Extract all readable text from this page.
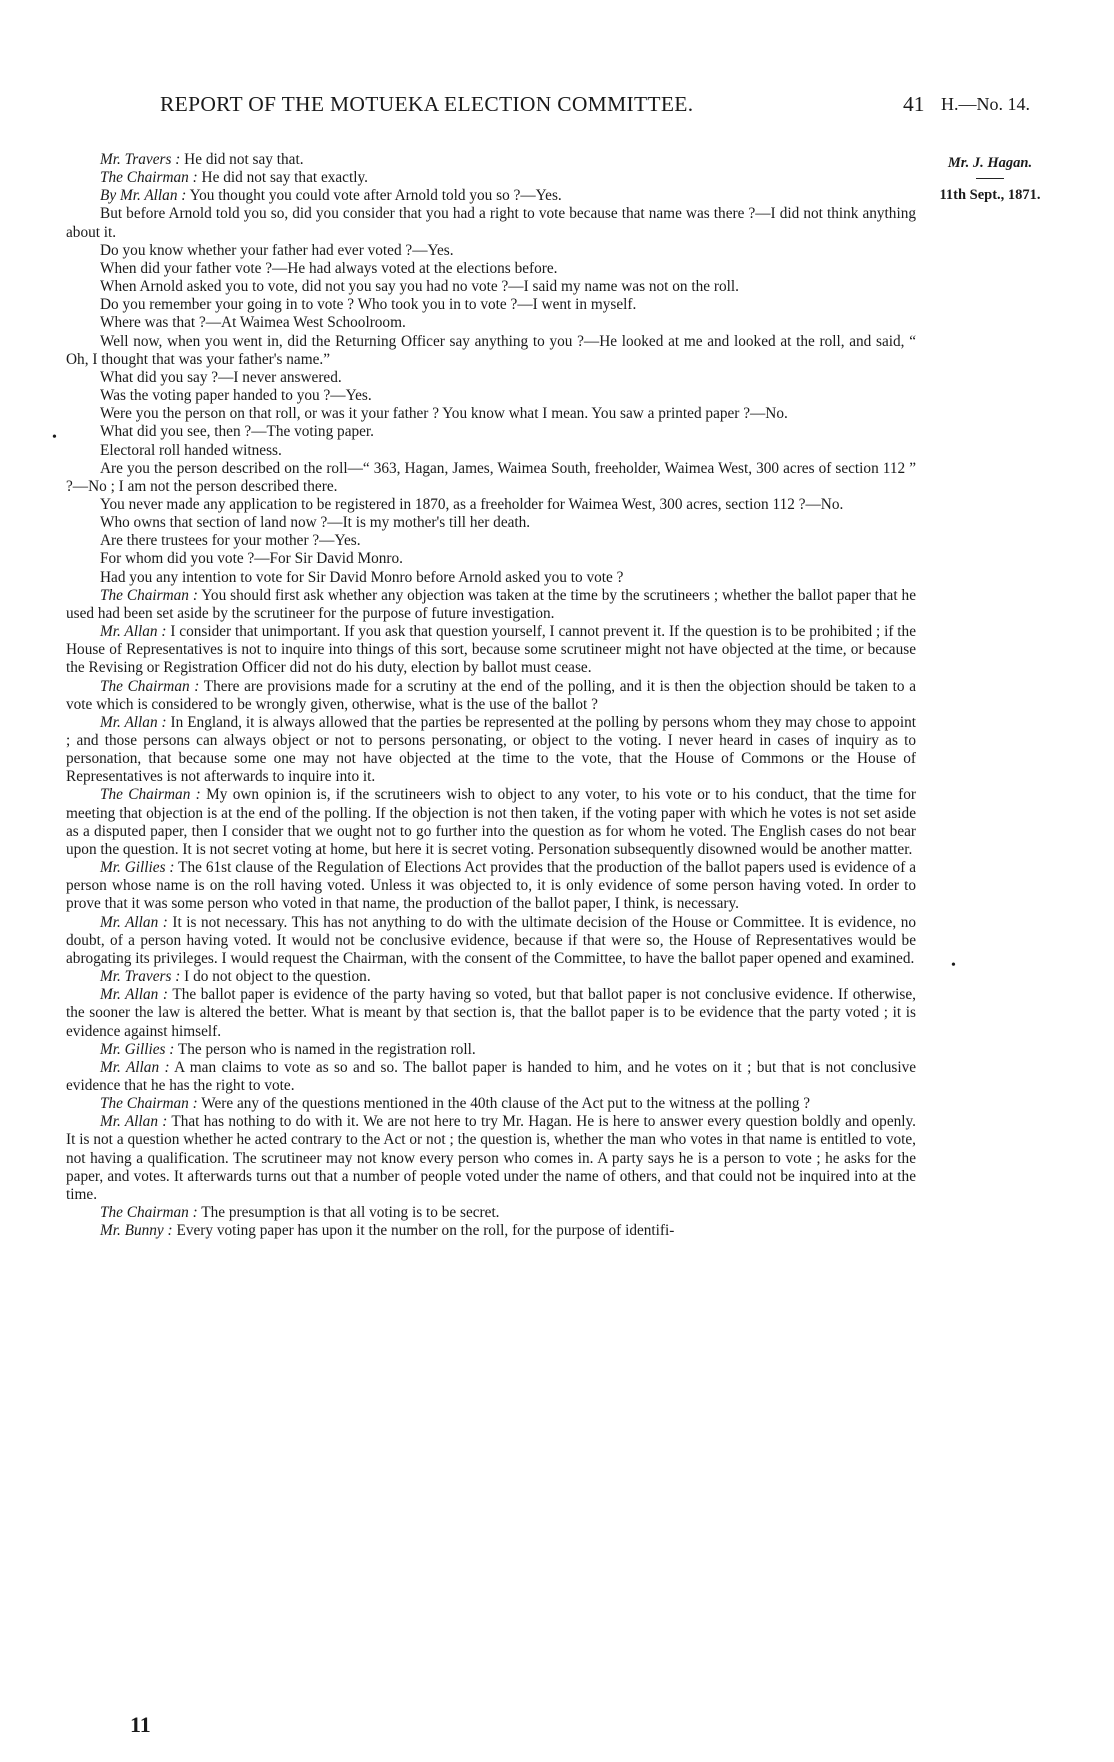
REPORT OF THE MOTUEKA ELECTION COMMITTEE.	41 H.—No. 14.
Mr. J. Hagan.
11th Sept., 1871.

Mr. Travers : He did not say that.

The Chairman : He did not say that exactly.

By Mr. Allan : You thought you could vote after Arnold told you so ?—Yes.

But before Arnold told you so, did you consider that you had a right to vote because that name was there ?—I did not think anything about it.

Do you know whether your father had ever voted ?—Yes.

When did your father vote ?—He had always voted at the elections before.

When Arnold asked you to vote, did not you say you had no vote ?—I said my name was not on the roll.

Do you remember your going in to vote ? Who took you in to vote ?—I went in myself.

Where was that ?—At Waimea West Schoolroom.

Well now, when you went in, did the Returning Officer say anything to you ?—He looked at me and looked at the roll, and said, “ Oh, I thought that was your father's name.”

What did you say ?—I never answered.

Was the voting paper handed to you ?—Yes.

Were you the person on that roll, or was it your father ? You know what I mean. You saw a printed paper ?—No.

What did you see, then ?—The voting paper.

Electoral roll handed witness.

Are you the person described on the roll—“ 363, Hagan, James, Waimea South, freeholder, Waimea West, 300 acres of section 112 ” ?—No ; I am not the person described there.

You never made any application to be registered in 1870, as a freeholder for Waimea West, 300 acres, section 112 ?—No.

Who owns that section of land now ?—It is my mother's till her death.

Are there trustees for your mother ?—Yes.

For whom did you vote ?—For Sir David Monro.

Had you any intention to vote for Sir David Monro before Arnold asked you to vote ?

The Chairman : You should first ask whether any objection was taken at the time by the scrutineers ; whether the ballot paper that he used had been set aside by the scrutineer for the purpose of future investigation.

Mr. Allan : I consider that unimportant. If you ask that question yourself, I cannot prevent it. If the question is to be prohibited ; if the House of Representatives is not to inquire into things of this sort, because some scrutineer might not have objected at the time, or because the Revising or Registration Officer did not do his duty, election by ballot must cease.

The Chairman : There are provisions made for a scrutiny at the end of the polling, and it is then the objection should be taken to a vote which is considered to be wrongly given, otherwise, what is the use of the ballot ?

Mr. Allan : In England, it is always allowed that the parties be represented at the polling by persons whom they may chose to appoint ; and those persons can always object or not to persons personating, or object to the voting. I never heard in cases of inquiry as to personation, that because some one may not have objected at the time to the vote, that the House of Commons or the House of Representatives is not afterwards to inquire into it.

The Chairman : My own opinion is, if the scrutineers wish to object to any voter, to his vote or to his conduct, that the time for meeting that objection is at the end of the polling. If the objection is not then taken, if the voting paper with which he votes is not set aside as a disputed paper, then I consider that we ought not to go further into the question as for whom he voted. The English cases do not bear upon the question. It is not secret voting at home, but here it is secret voting. Personation subsequently disowned would be another matter.

Mr. Gillies : The 61st clause of the Regulation of Elections Act provides that the production of the ballot papers used is evidence of a person whose name is on the roll having voted. Unless it was objected to, it is only evidence of some person having voted. In order to prove that it was some person who voted in that name, the production of the ballot paper, I think, is necessary.

Mr. Allan : It is not necessary. This has not anything to do with the ultimate decision of the House or Committee. It is evidence, no doubt, of a person having voted. It would not be conclusive evidence, because if that were so, the House of Representatives would be abrogating its privileges. I would request the Chairman, with the consent of the Committee, to have the ballot paper opened and examined.

Mr. Travers : I do not object to the question.

Mr. Allan : The ballot paper is evidence of the party having so voted, but that ballot paper is not conclusive evidence. If otherwise, the sooner the law is altered the better. What is meant by that section is, that the ballot paper is to be evidence that the party voted ; it is evidence against himself.

Mr. Gillies : The person who is named in the registration roll.

Mr. Allan : A man claims to vote as so and so. The ballot paper is handed to him, and he votes on it ; but that is not conclusive evidence that he has the right to vote.

The Chairman : Were any of the questions mentioned in the 40th clause of the Act put to the witness at the polling ?

Mr. Allan : That has nothing to do with it. We are not here to try Mr. Hagan. He is here to answer every question boldly and openly. It is not a question whether he acted contrary to the Act or not ; the question is, whether the man who votes in that name is entitled to vote, not having a qualification. The scrutineer may not know every person who comes in. A party says he is a person to vote ; he asks for the paper, and votes. It afterwards turns out that a number of people voted under the name of others, and that could not be inquired into at the time.

The Chairman : The presumption is that all voting is to be secret.

Mr. Bunny : Every voting paper has upon it the number on the roll, for the purpose of identifi-

•
•
11
